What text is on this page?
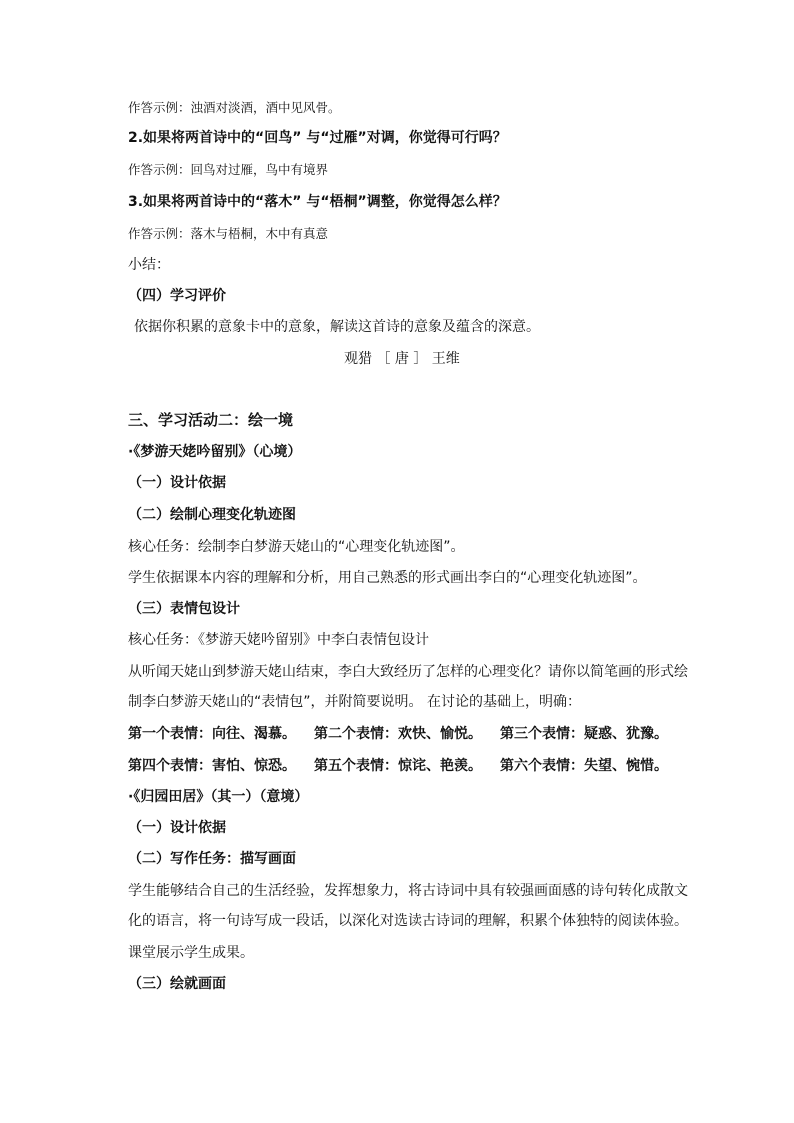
作答示例：浊酒对淡酒，酒中见风骨。
2.如果将两首诗中的“回鸟” 与“过雁”对调，你觉得可行吗？
作答示例：回鸟对过雁，鸟中有境界
3.如果将两首诗中的“落木” 与“梧桐”调整，你觉得怎么样？
作答示例：落木与梧桐，木中有真意
小结：
（四）学习评价
依据你积累的意象卡中的意象，解读这首诗的意象及蕴含的深意。
观猎 ［ 唐 ］ 王维
三、学习活动二：绘一境
·《梦游天姥吟留别》（心境）
（一）设计依据
（二）绘制心理变化轨迹图
核心任务：绘制李白梦游天姥山的“心理变化轨迹图”。
学生依据课本内容的理解和分析，用自己熟悉的形式画出李白的“心理变化轨迹图”。
（三）表情包设计
核心任务：《梦游天姥吟留别》中李白表情包设计
从听闻天姥山到梦游天姥山结束，李白大致经历了怎样的心理变化？请你以简笔画的形式绘
制李白梦游天姥山的“表情包”，并附简要说明。 在讨论的基础上，明确：
第一个表情：向往、渴慕。 第二个表情：欢快、愉悦。 第三个表情：疑惑、犹豫。
第四个表情：害怕、惊恐。 第五个表情：惊诧、艳羡。 第六个表情：失望、惋惜。
·《归园田居》（其一）（意境）
（一）设计依据
（二）写作任务：描写画面
学生能够结合自己的生活经验，发挥想象力，将古诗词中具有较强画面感的诗句转化成散文
化的语言，将一句诗写成一段话，以深化对选读古诗词的理解，积累个体独特的阅读体验。
课堂展示学生成果。
（三）绘就画面
